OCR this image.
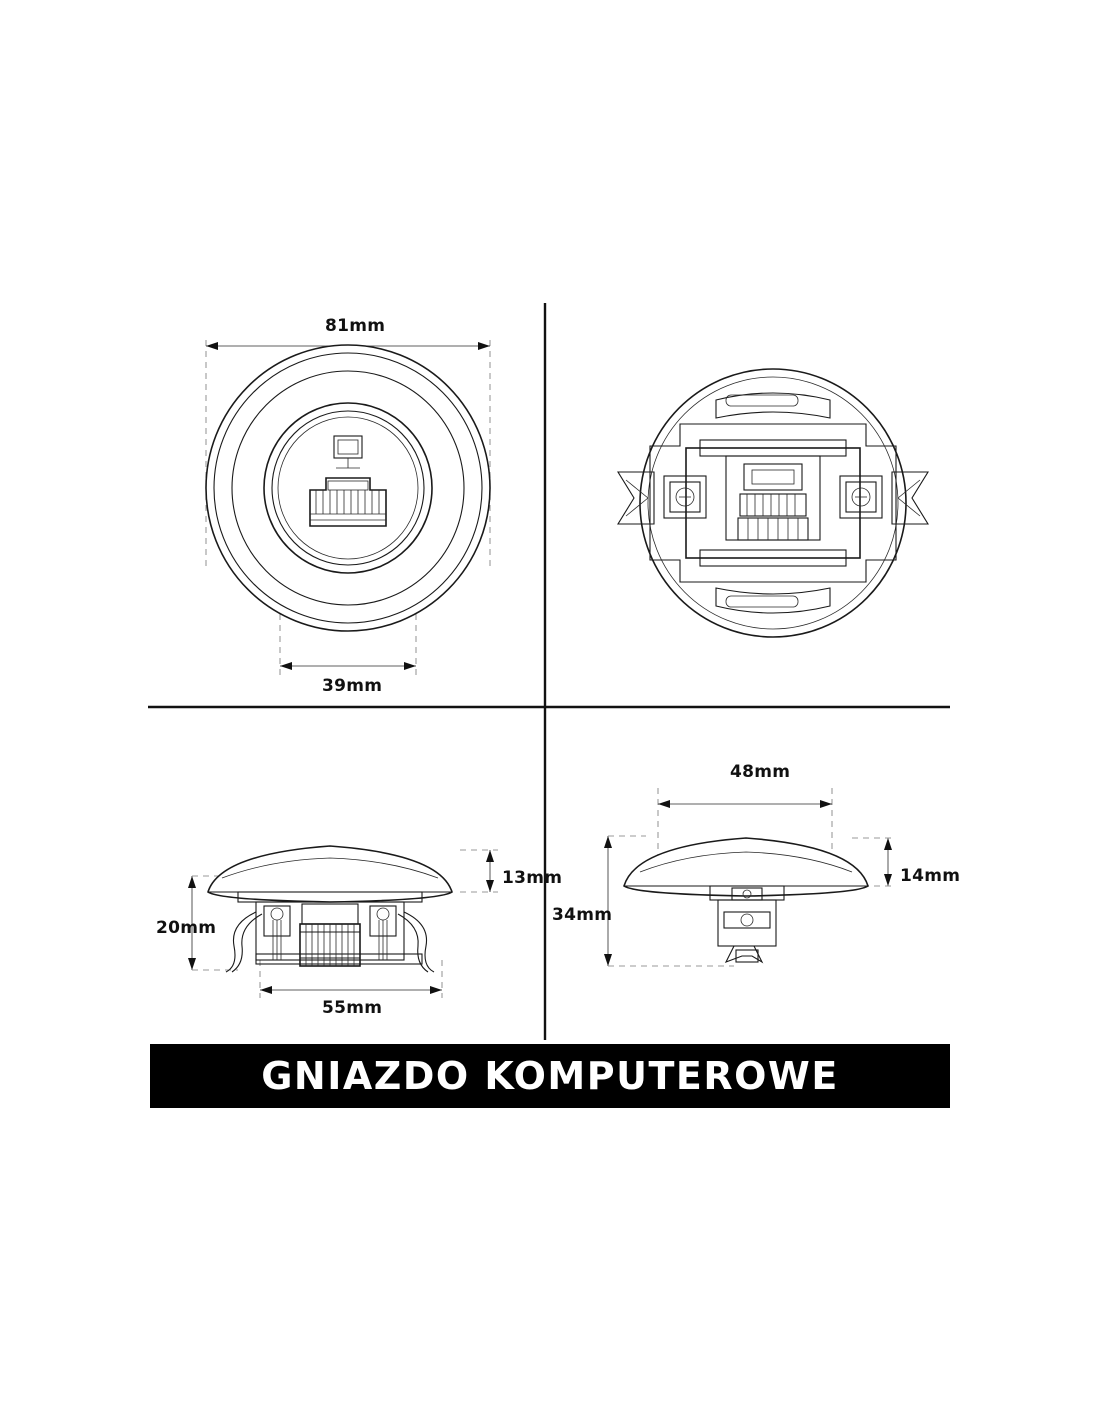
81mm
39mm
13mm
20mm
55mm
48mm
14mm
34mm
GNIAZDO KOMPUTEROWE
